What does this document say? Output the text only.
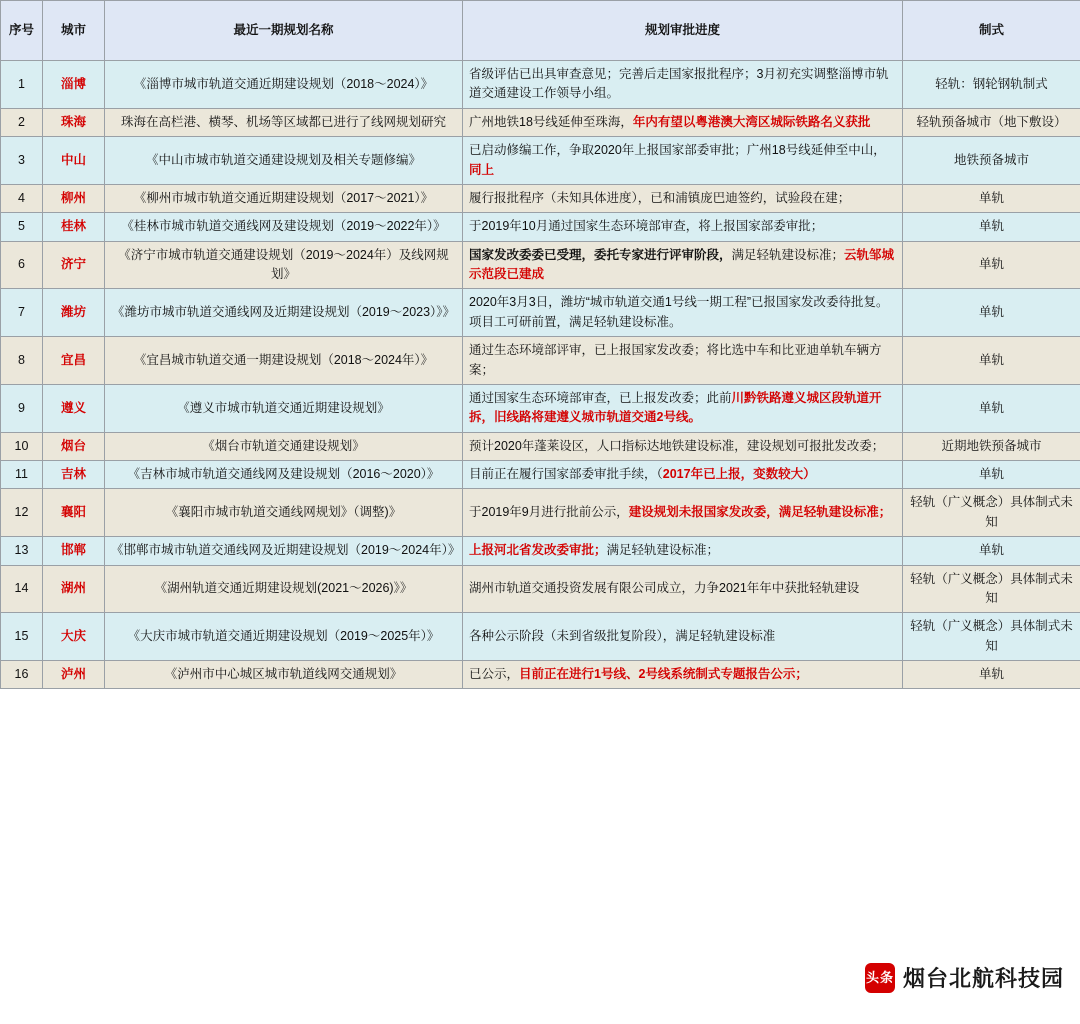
序号	城市	最近一期规划名称	规划审批进度	制式
1	淄博	《淄博市城市轨道交通近期建设规划（2018～2024）》	省级评估已出具审查意见；完善后走国家报批程序；3月初充实调整淄博市轨道交通建设工作领导小组。	轻轨：钢轮钢轨制式
2	珠海	珠海在高栏港、横琴、机场等区域都已进行了线网规划研究	广州地铁18号线延伸至珠海，年内有望以粤港澳大湾区城际铁路名义获批	轻轨预备城市（地下敷设）
3	中山	《中山市城市轨道交通建设规划及相关专题修编》	已启动修编工作，争取2020年上报国家部委审批；广州18号线延伸至中山，同上	地铁预备城市
4	柳州	《柳州市城市轨道交通近期建设规划（2017～2021）》	履行报批程序（未知具体进度），已和浦镇庞巴迪签约，试验段在建；	单轨
5	桂林	《桂林市城市轨道交通线网及建设规划（2019～2022年）》	于2019年10月通过国家生态环境部审查，将上报国家部委审批；	单轨
6	济宁	《济宁市城市轨道交通建设规划（2019～2024年）及线网规划》	国家发改委委已受理，委托专家进行评审阶段，满足轻轨建设标准；云轨邹城示范段已建成	单轨
7	潍坊	《潍坊市城市轨道交通线网及近期建设规划（2019～2023）》》	2020年3月3日，潍坊“城市轨道交通1号线一期工程”已报国家发改委待批复。项目工可研前置，满足轻轨建设标准。	单轨
8	宜昌	《宜昌城市轨道交通一期建设规划（2018～2024年）》	通过生态环境部评审，已上报国家发改委；将比选中车和比亚迪单轨车辆方案；	单轨
9	遵义	《遵义市城市轨道交通近期建设规划》	通过国家生态环境部审查，已上报发改委；此前川黔铁路遵义城区段轨道开拆，旧线路将建遵义城市轨道交通2号线。	单轨
10	烟台	《烟台市轨道交通建设规划》	预计2020年蓬莱设区，人口指标达地铁建设标准，建设规划可报批发改委；	近期地铁预备城市
11	吉林	《吉林市城市轨道交通线网及建设规划（2016～2020）》	目前正在履行国家部委审批手续，（2017年已上报，变数较大）	单轨
12	襄阳	《襄阳市城市轨道交通线网规划》（调整)》	于2019年9月进行批前公示，建设规划未报国家发改委，满足轻轨建设标准；	轻轨（广义概念）具体制式未知
13	邯郸	《邯郸市城市轨道交通线网及近期建设规划（2019～2024年）》	上报河北省发改委审批；满足轻轨建设标准；	单轨
14	湖州	《湖州轨道交通近期建设规划(2021～2026)》》	湖州市轨道交通投资发展有限公司成立，力争2021年年中获批轻轨建设	轻轨（广义概念）具体制式未知
15	大庆	《大庆市城市轨道交通近期建设规划（2019～2025年）》	各种公示阶段（未到省级批复阶段），满足轻轨建设标准	轻轨（广义概念）具体制式未知
16	泸州	《泸州市中心城区城市轨道线网交通规划》	已公示，目前正在进行1号线、2号线系统制式专题报告公示；	单轨
头条 烟台北航科技园
